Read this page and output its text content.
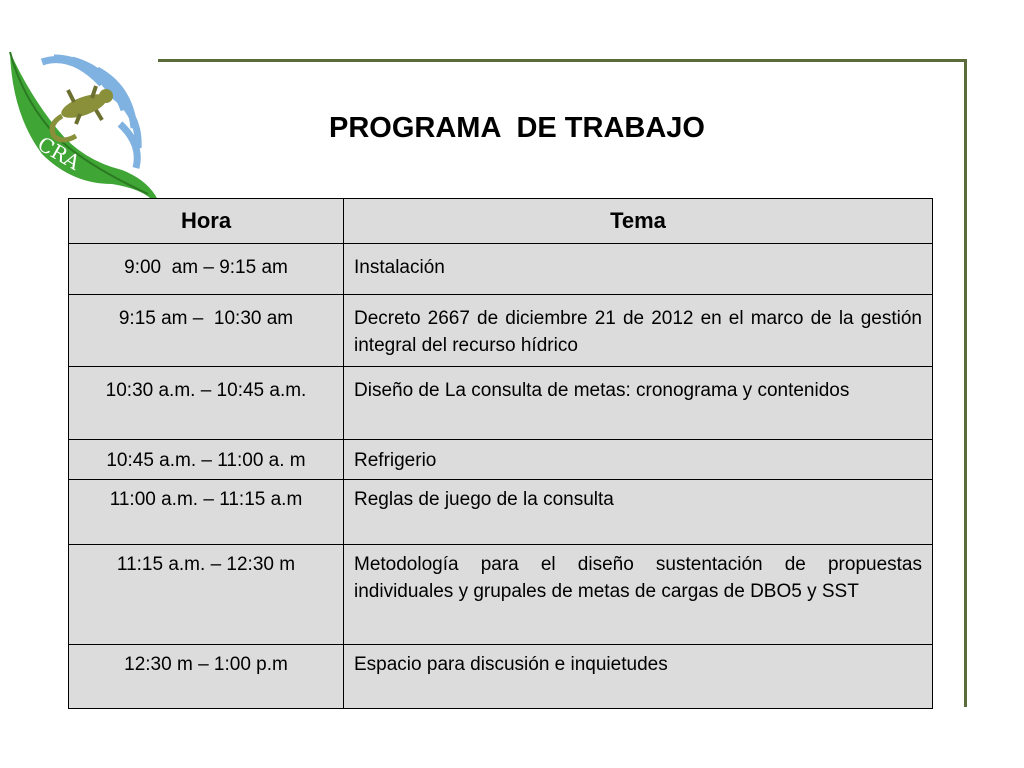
CRA
PROGRAMA  DE TRABAJO
Hora	Tema
9:00  am – 9:15 am	Instalación
9:15 am –  10:30 am	Decreto 2667 de diciembre 21 de 2012 en el marco de la gestión integral del recurso hídrico
10:30 a.m. – 10:45 a.m.	Diseño de La consulta de metas: cronograma y contenidos
10:45 a.m. – 11:00 a. m	Refrigerio
11:00 a.m. – 11:15 a.m	Reglas de juego de la consulta
11:15 a.m. – 12:30 m	Metodología para el diseño sustentación de propuestas individuales y grupales de metas de cargas de DBO5 y SST
12:30 m – 1:00 p.m	Espacio para discusión e inquietudes
